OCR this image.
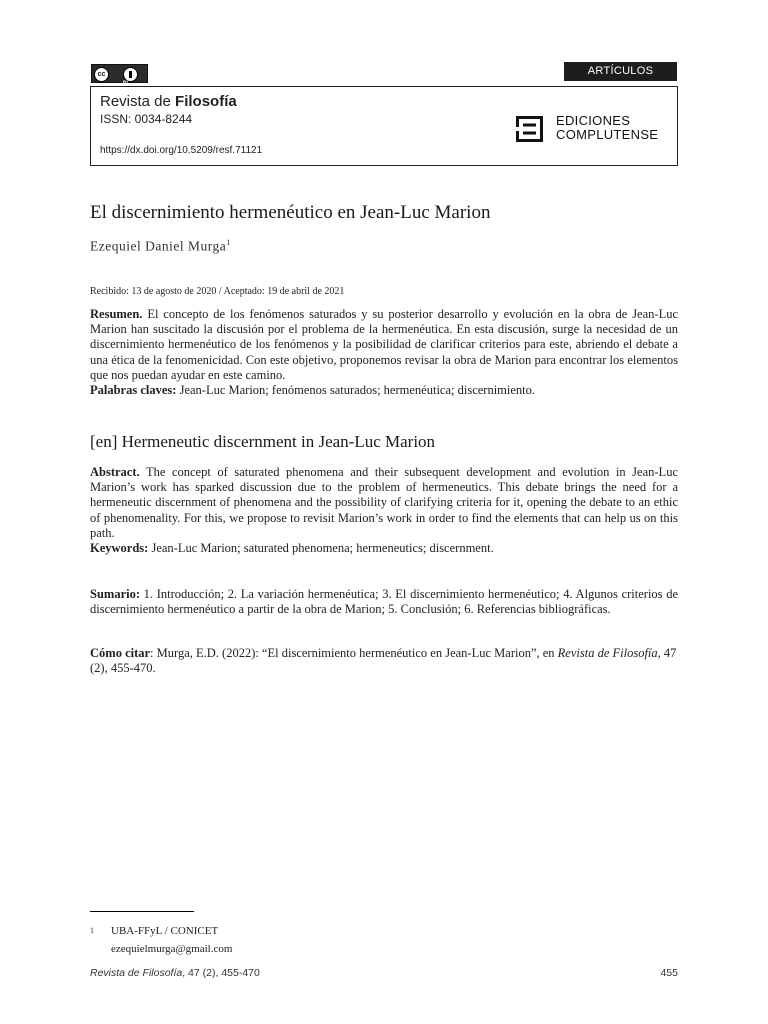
cc
BY
ARTÍCULOS
Revista de Filosofía
ISSN: 0034-8244
https://dx.doi.org/10.5209/resf.71121
EDICIONES
COMPLUTENSE
El discernimiento hermenéutico en Jean-Luc Marion
Ezequiel Daniel Murga$^1$
Recibido: 13 de agosto de 2020 / Aceptado: 19 de abril de 2021
Resumen. El concepto de los fenómenos saturados y su posterior desarrollo y evolución en la obra de Jean-Luc Marion han suscitado la discusión por el problema de la hermenéutica. En esta discusión, surge la necesidad de un discernimiento hermenéutico de los fenómenos y la posibilidad de clarificar criterios para este, abriendo el debate a una ética de la fenomenicidad. Con este objetivo, proponemos revisar la obra de Marion para encontrar los elementos que nos puedan ayudar en este camino.
Palabras claves: Jean-Luc Marion; fenómenos saturados; hermenéutica; discernimiento.
[en] Hermeneutic discernment in Jean-Luc Marion
Abstract. The concept of saturated phenomena and their subsequent development and evolution in Jean-Luc Marion’s work has sparked discussion due to the problem of hermeneutics. This debate brings the need for a hermeneutic discernment of phenomena and the possibility of clarifying criteria for it, opening the debate to an ethic of phenomenality. For this, we propose to revisit Marion’s work in order to find the elements that can help us on this path.
Keywords: Jean-Luc Marion; saturated phenomena; hermeneutics; discernment.
Sumario: 1. Introducción; 2. La variación hermenéutica; 3. El discernimiento hermenéutico; 4. Algunos criterios de discernimiento hermenéutico a partir de la obra de Marion; 5. Conclusión; 6. Referencias bibliográficas.
Cómo citar: Murga, E.D. (2022): “El discernimiento hermenéutico en Jean-Luc Marion”, en Revista de Filosofía, 47 (2), 455-470.
1 UBA-FFyL / CONICET
ezequielmurga@gmail.com
Revista de Filosofía, 47 (2), 455-470	455
